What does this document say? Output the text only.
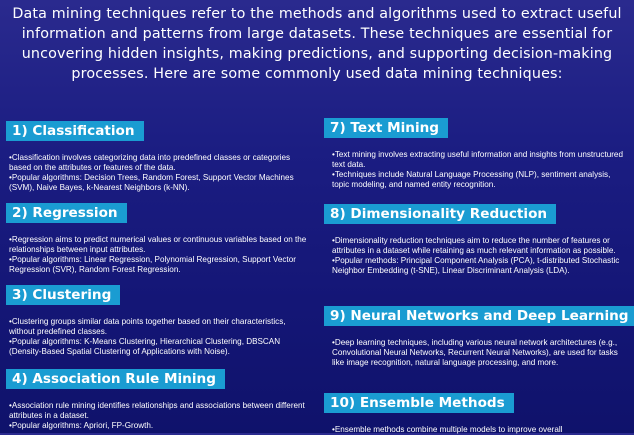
Data mining techniques refer to the methods and algorithms used to extract useful information and patterns from large datasets. These techniques are essential for uncovering hidden insights, making predictions, and supporting decision-making processes. Here are some commonly used data mining techniques:

1) Classification
•Classification involves categorizing data into predefined classes or categories based on the attributes or features of the data.
•Popular algorithms: Decision Trees, Random Forest, Support Vector Machines (SVM), Naive Bayes, k-Nearest Neighbors (k-NN).
2) Regression
•Regression aims to predict numerical values or continuous variables based on the relationships between input attributes.
•Popular algorithms: Linear Regression, Polynomial Regression, Support Vector Regression (SVR), Random Forest Regression.
3) Clustering
•Clustering groups similar data points together based on their characteristics, without predefined classes.
•Popular algorithms: K-Means Clustering, Hierarchical Clustering, DBSCAN (Density-Based Spatial Clustering of Applications with Noise).
4) Association Rule Mining
•Association rule mining identifies relationships and associations between different attributes in a dataset.
•Popular algorithms: Apriori, FP-Growth.
7) Text Mining
•Text mining involves extracting useful information and insights from unstructured text data.
•Techniques include Natural Language Processing (NLP), sentiment analysis, topic modeling, and named entity recognition.
8) Dimensionality Reduction
•Dimensionality reduction techniques aim to reduce the number of features or attributes in a dataset while retaining as much relevant information as possible.
•Popular methods: Principal Component Analysis (PCA), t-distributed Stochastic Neighbor Embedding (t-SNE), Linear Discriminant Analysis (LDA).
9) Neural Networks and Deep Learning
•Deep learning techniques, including various neural network architectures (e.g., Convolutional Neural Networks, Recurrent Neural Networks), are used for tasks like image recognition, natural language processing, and more.
10) Ensemble Methods
•Ensemble methods combine multiple models to improve overall
